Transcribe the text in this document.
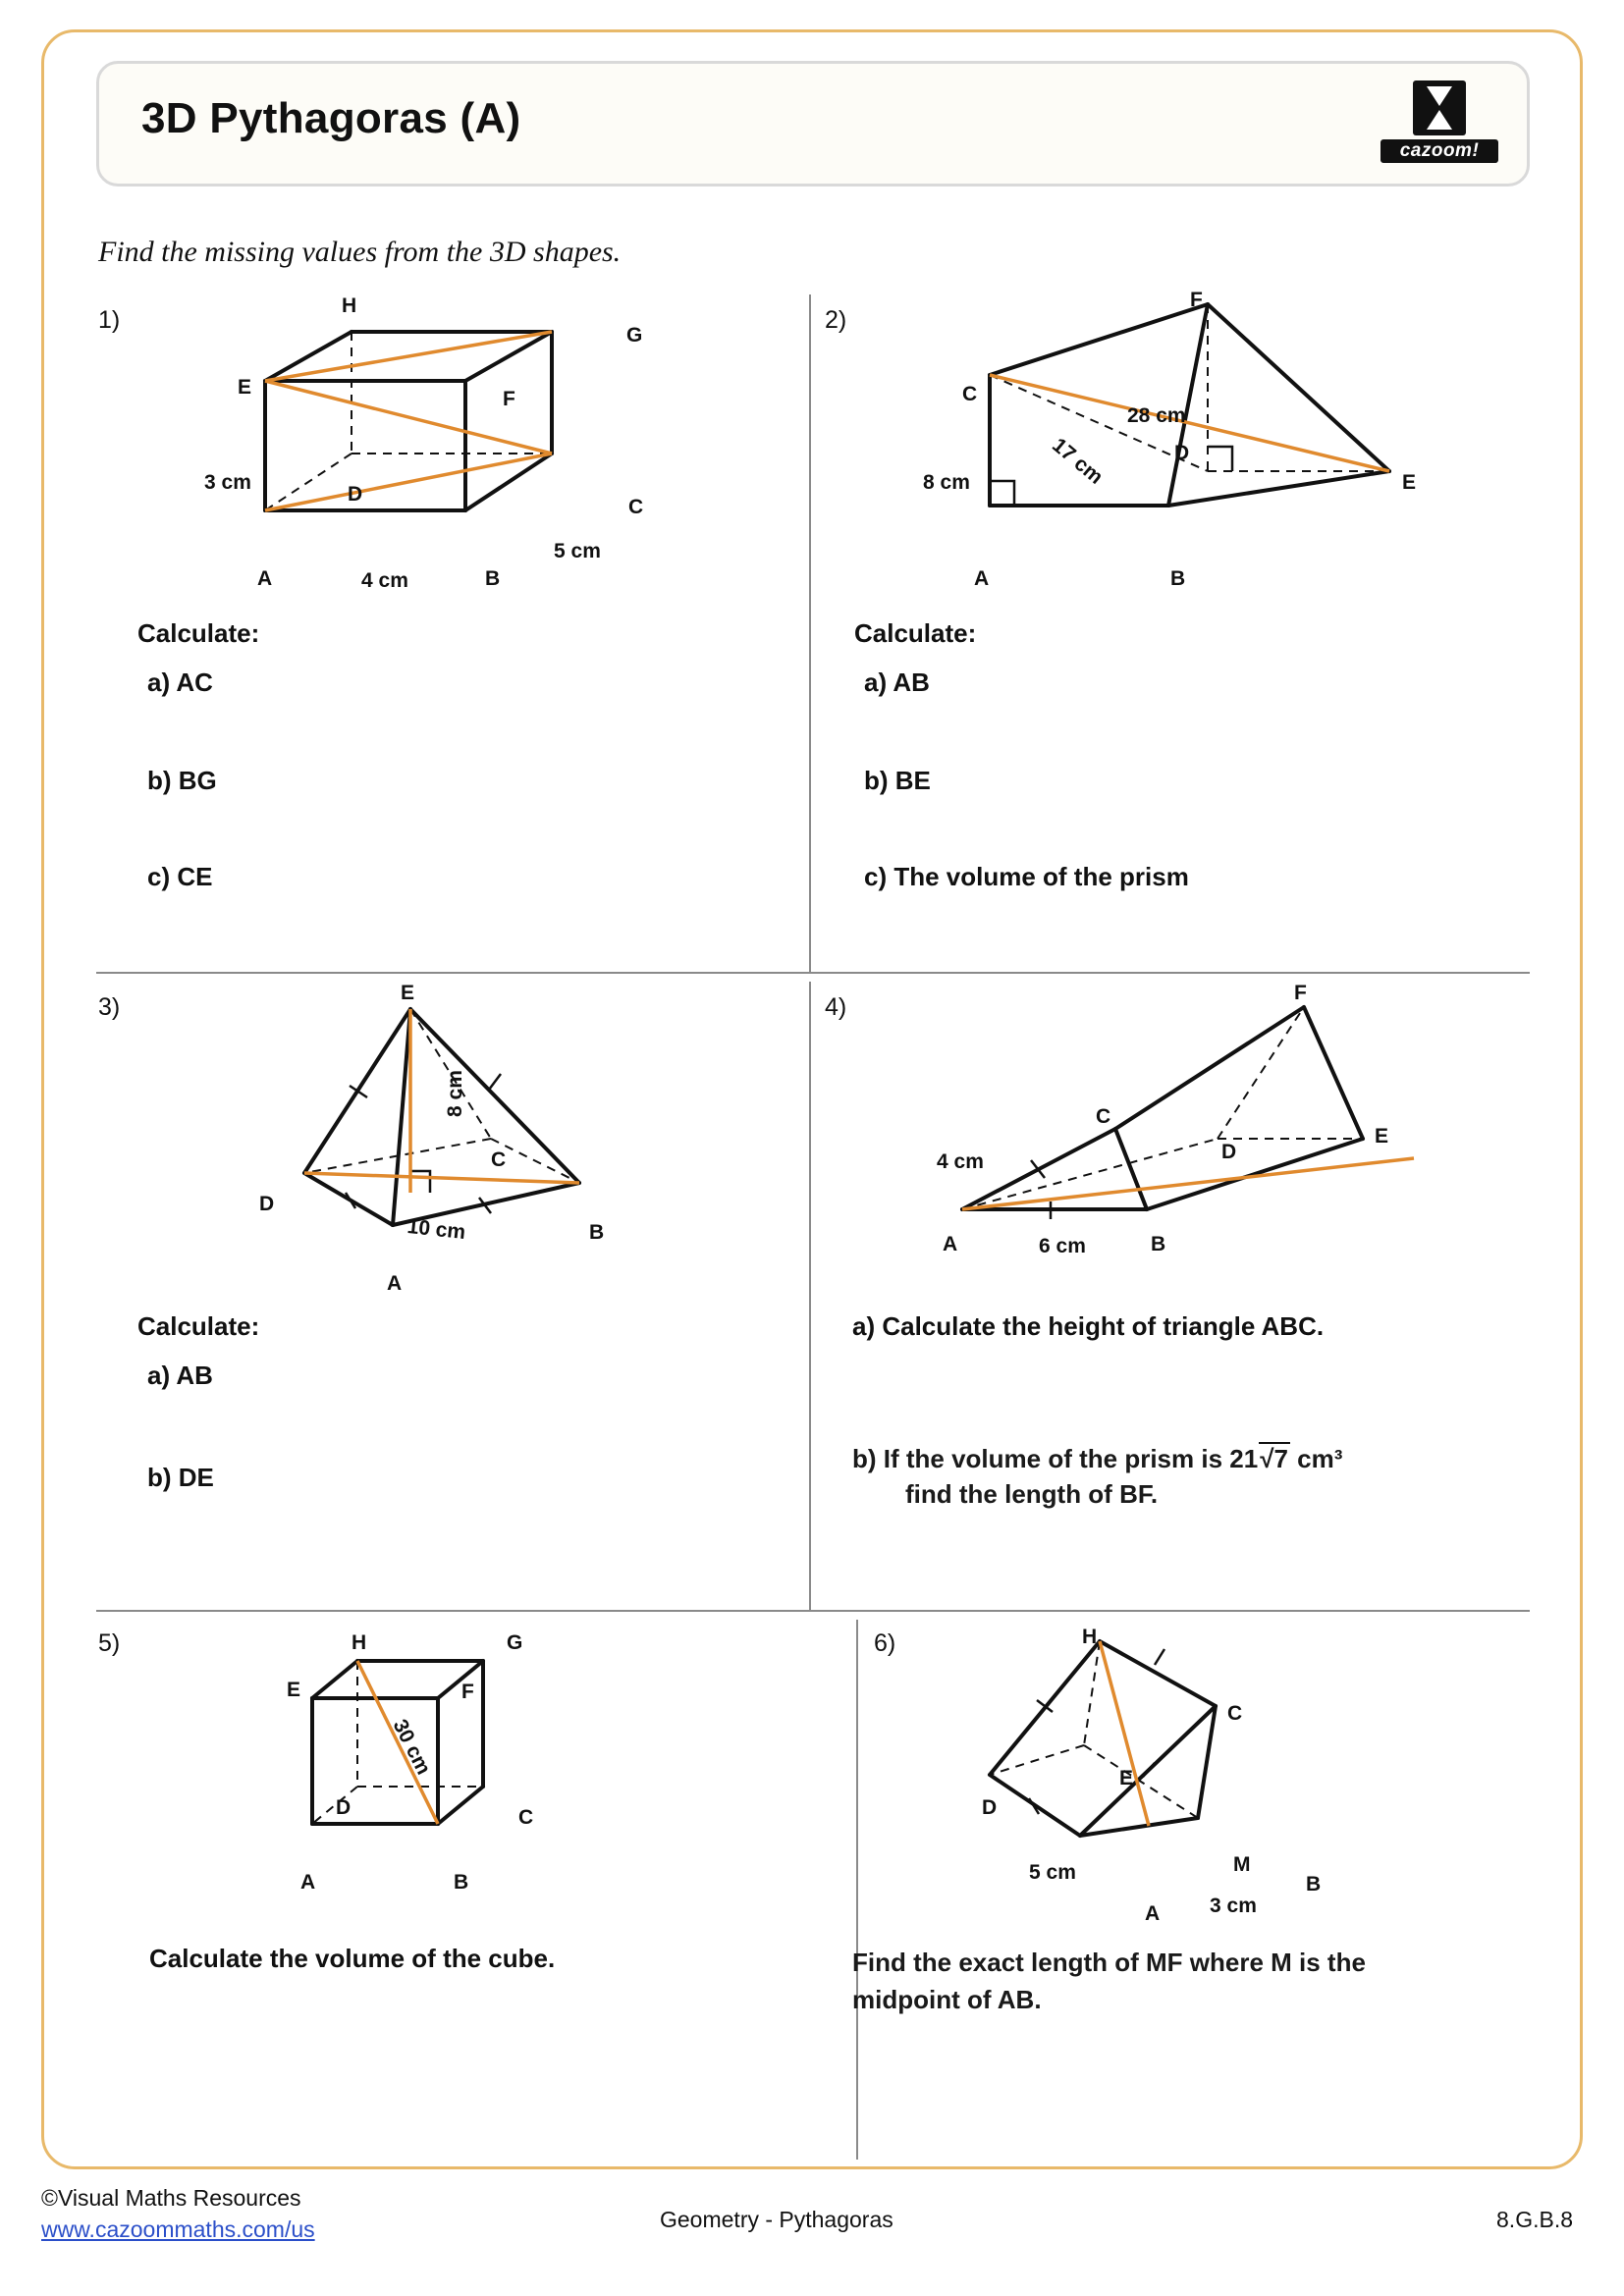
3D Pythagoras (A)
cazoom!
Find the missing values from the 3D shapes.
1)
H
G
E
F
D
C
A	B
3 cm
4 cm
5 cm
Calculate:
a) AC
b) BG
c) CE
2)
F
C
D
E
A	B
28 cm
17 cm
8 cm
Calculate:
a) AB
b) BE
c) The volume of the prism
3)
E
C
D
B
A
8 cm
10 cm
Calculate:
a) AB
b) DE
4)
F
C
D
E
A	B
4 cm
6 cm
a) Calculate the height of triangle ABC.
b) If the volume of the prism is 21√7 cm³
find the length of BF.
5)	H	G
E	F
D	C
A	B
30 cm
Calculate the volume of the cube.
6)	H
C
E
D
M
B
A
5 cm
3 cm
Find the exact length of MF where M is the
midpoint of AB.
©Visual Maths Resources
www.cazoommaths.com/us	Geometry - Pythagoras	8.G.B.8
